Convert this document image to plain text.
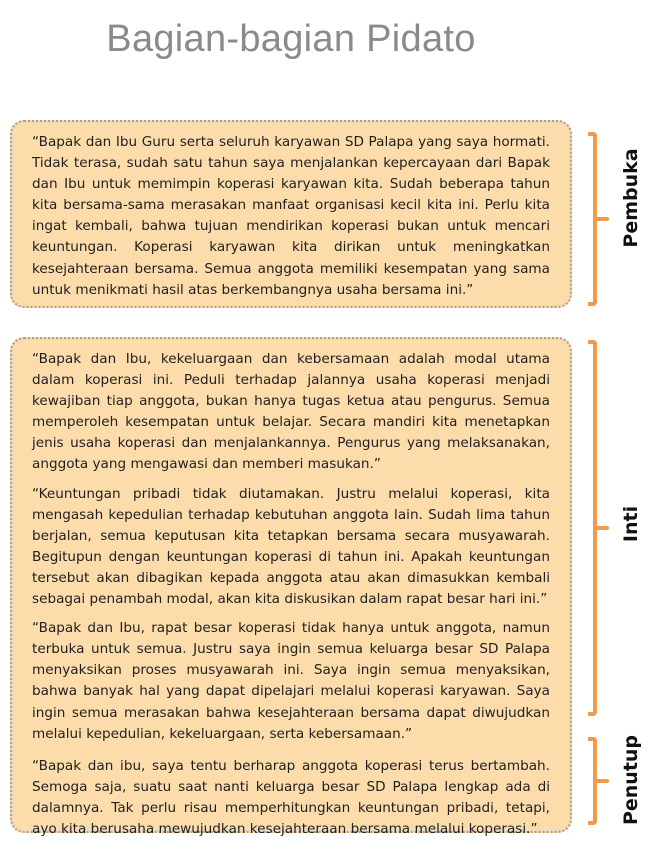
Bagian-bagian Pidato

“Bapak dan Ibu Guru serta seluruh karyawan SD Palapa yang saya hormati. Tidak terasa, sudah satu tahun saya menjalankan kepercayaan dari Bapak dan Ibu untuk memimpin koperasi karyawan kita. Sudah beberapa tahun kita bersama-sama merasakan manfaat organisasi kecil kita ini. Perlu kita ingat kembali, bahwa tujuan mendirikan koperasi bukan untuk mencari keuntungan. Koperasi karyawan kita dirikan untuk meningkatkan kesejahteraan bersama. Semua anggota memiliki kesempatan yang sama untuk menikmati hasil atas berkembangnya usaha bersama ini.”

“Bapak dan Ibu, kekeluargaan dan kebersamaan adalah modal utama dalam koperasi ini. Peduli terhadap jalannya usaha koperasi menjadi kewajiban tiap anggota, bukan hanya tugas ketua atau pengurus. Semua memperoleh kesempatan untuk belajar. Secara mandiri kita menetapkan jenis usaha koperasi dan menjalankannya. Pengurus yang melaksanakan, anggota yang mengawasi dan memberi masukan.”

“Keuntungan pribadi tidak diutamakan. Justru melalui koperasi, kita mengasah kepedulian terhadap kebutuhan anggota lain. Sudah lima tahun berjalan, semua keputusan kita tetapkan bersama secara musyawarah. Begitupun dengan keuntungan koperasi di tahun ini. Apakah keuntungan tersebut akan dibagikan kepada anggota atau akan dimasukkan kembali sebagai penambah modal, akan kita diskusikan dalam rapat besar hari ini.”

“Bapak dan Ibu, rapat besar koperasi tidak hanya untuk anggota, namun terbuka untuk semua. Justru saya ingin semua keluarga besar SD Palapa menyaksikan proses musyawarah ini. Saya ingin semua menyaksikan, bahwa banyak hal yang dapat dipelajari melalui koperasi karyawan. Saya ingin semua merasakan bahwa kesejahteraan bersama dapat diwujudkan melalui kepedulian, kekeluargaan, serta kebersamaan.”

“Bapak dan ibu, saya tentu berharap anggota koperasi terus bertambah. Semoga saja, suatu saat nanti keluarga besar SD Palapa lengkap ada di dalamnya. Tak perlu risau memperhitungkan keuntungan pribadi, tetapi, ayo kita berusaha mewujudkan kesejahteraan bersama melalui koperasi.”

Pembuka
Inti
Penutup
